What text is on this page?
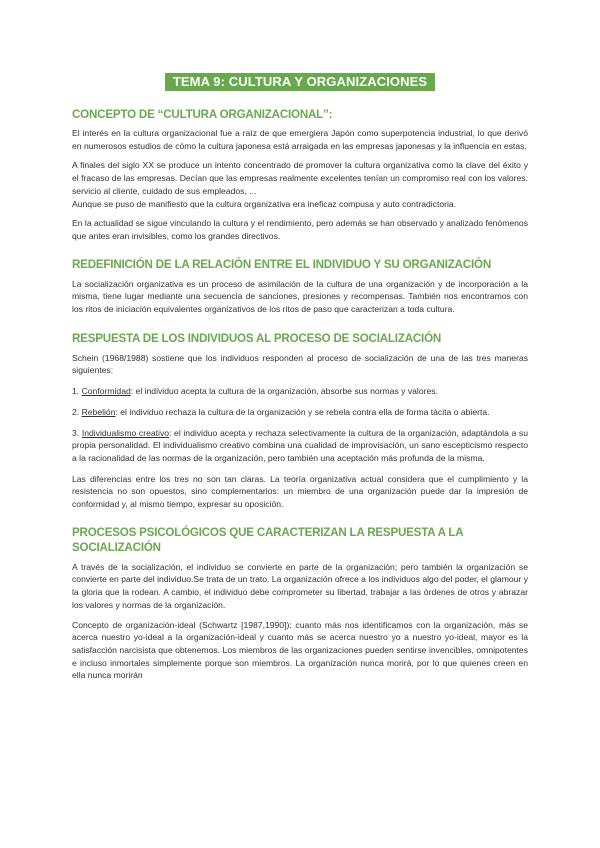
TEMA 9: CULTURA Y ORGANIZACIONES
CONCEPTO DE “CULTURA ORGANIZACIONAL”:

El interés en la cultura organizacional fue a raíz de que emergiera Japón como superpotencia industrial, lo que derivó en numerosos estudios de cómo la cultura japonesa está arraigada en las empresas japonesas y la influencia en estas.

A finales del siglo XX se produce un intento concentrado de promover la cultura organizativa como la clave del éxito y el fracaso de las empresas. Decían que las empresas realmente excelentes tenían un compromiso real con los valores: servicio al cliente, cuidado de sus empleados, ...
Aunque se puso de manifiesto que la cultura organizativa era ineficaz compusa y auto contradictoria.

En la actualidad se sigue vinculando la cultura y el rendimiento, pero además se han observado y analizado fenómenos que antes eran invisibles, como los grandes directivos.

REDEFINICIÓN DE LA RELACIÓN ENTRE EL INDIVIDUO Y SU ORGANIZACIÓN

La socialización organizativa es un proceso de asimilación de la cultura de una organización y de incorporación a la misma, tiene lugar mediante una secuencia de sanciones, presiones y recompensas. También nos encontramos con los ritos de iniciación equivalentes organizativos de los ritos de paso que caracterizan a toda cultura.

RESPUESTA DE LOS INDIVIDUOS AL PROCESO DE SOCIALIZACIÓN

Schein (1968/1988) sostiene que los individuos responden al proceso de socialización de una de las tres maneras siguientes:

1. Conformidad: el individuo acepta la cultura de la organización, absorbe sus normas y valores.

2. Rebelión: el individuo rechaza la cultura de la organización y se rebela contra ella de forma tácita o abierta.

3. Individualismo creativo: el individuo acepta y rechaza selectivamente la cultura de la organización, adaptándola a su propia personalidad. El individualismo creativo combina una cualidad de improvisación, un sano escepticismo respecto a la racionalidad de las normas de la organización, pero también una aceptación más profunda de la misma.

Las diferencias entre los tres no son tan claras. La teoría organizativa actual considera que el cumplimiento y la resistencia no son opuestos, sino complementarios: un miembro de una organización puede dar la impresión de conformidad y, al mismo tiempo, expresar su oposición.

PROCESOS PSICOLÓGICOS QUE CARACTERIZAN LA RESPUESTA A LA SOCIALIZACIÓN

A través de la socialización, el individuo se convierte en parte de la organización; pero también la organización se convierte en parte del individuo.Se trata de un trato. La organización ofrece a los individuos algo del poder, el glamour y la gloria que la rodean. A cambio, el individuo debe comprometer su libertad, trabajar a las órdenes de otros y abrazar los valores y normas de la organización.

Concepto de organización-ideal (Schwartz [1987,1990]): cuanto más nos identificamos con la organización, más se acerca nuestro yo-ideal a la organización-ideal y cuanto más se acerca nuestro yo a nuestro yo-ideal, mayor es la satisfacción narcisista que obtenemos. Los miembros de las organizaciones pueden sentirse invencibles, omnipotentes e incluso inmortales simplemente porque son miembros. La organización nunca morirá, por lo que quienes creen en ella nunca morirán
